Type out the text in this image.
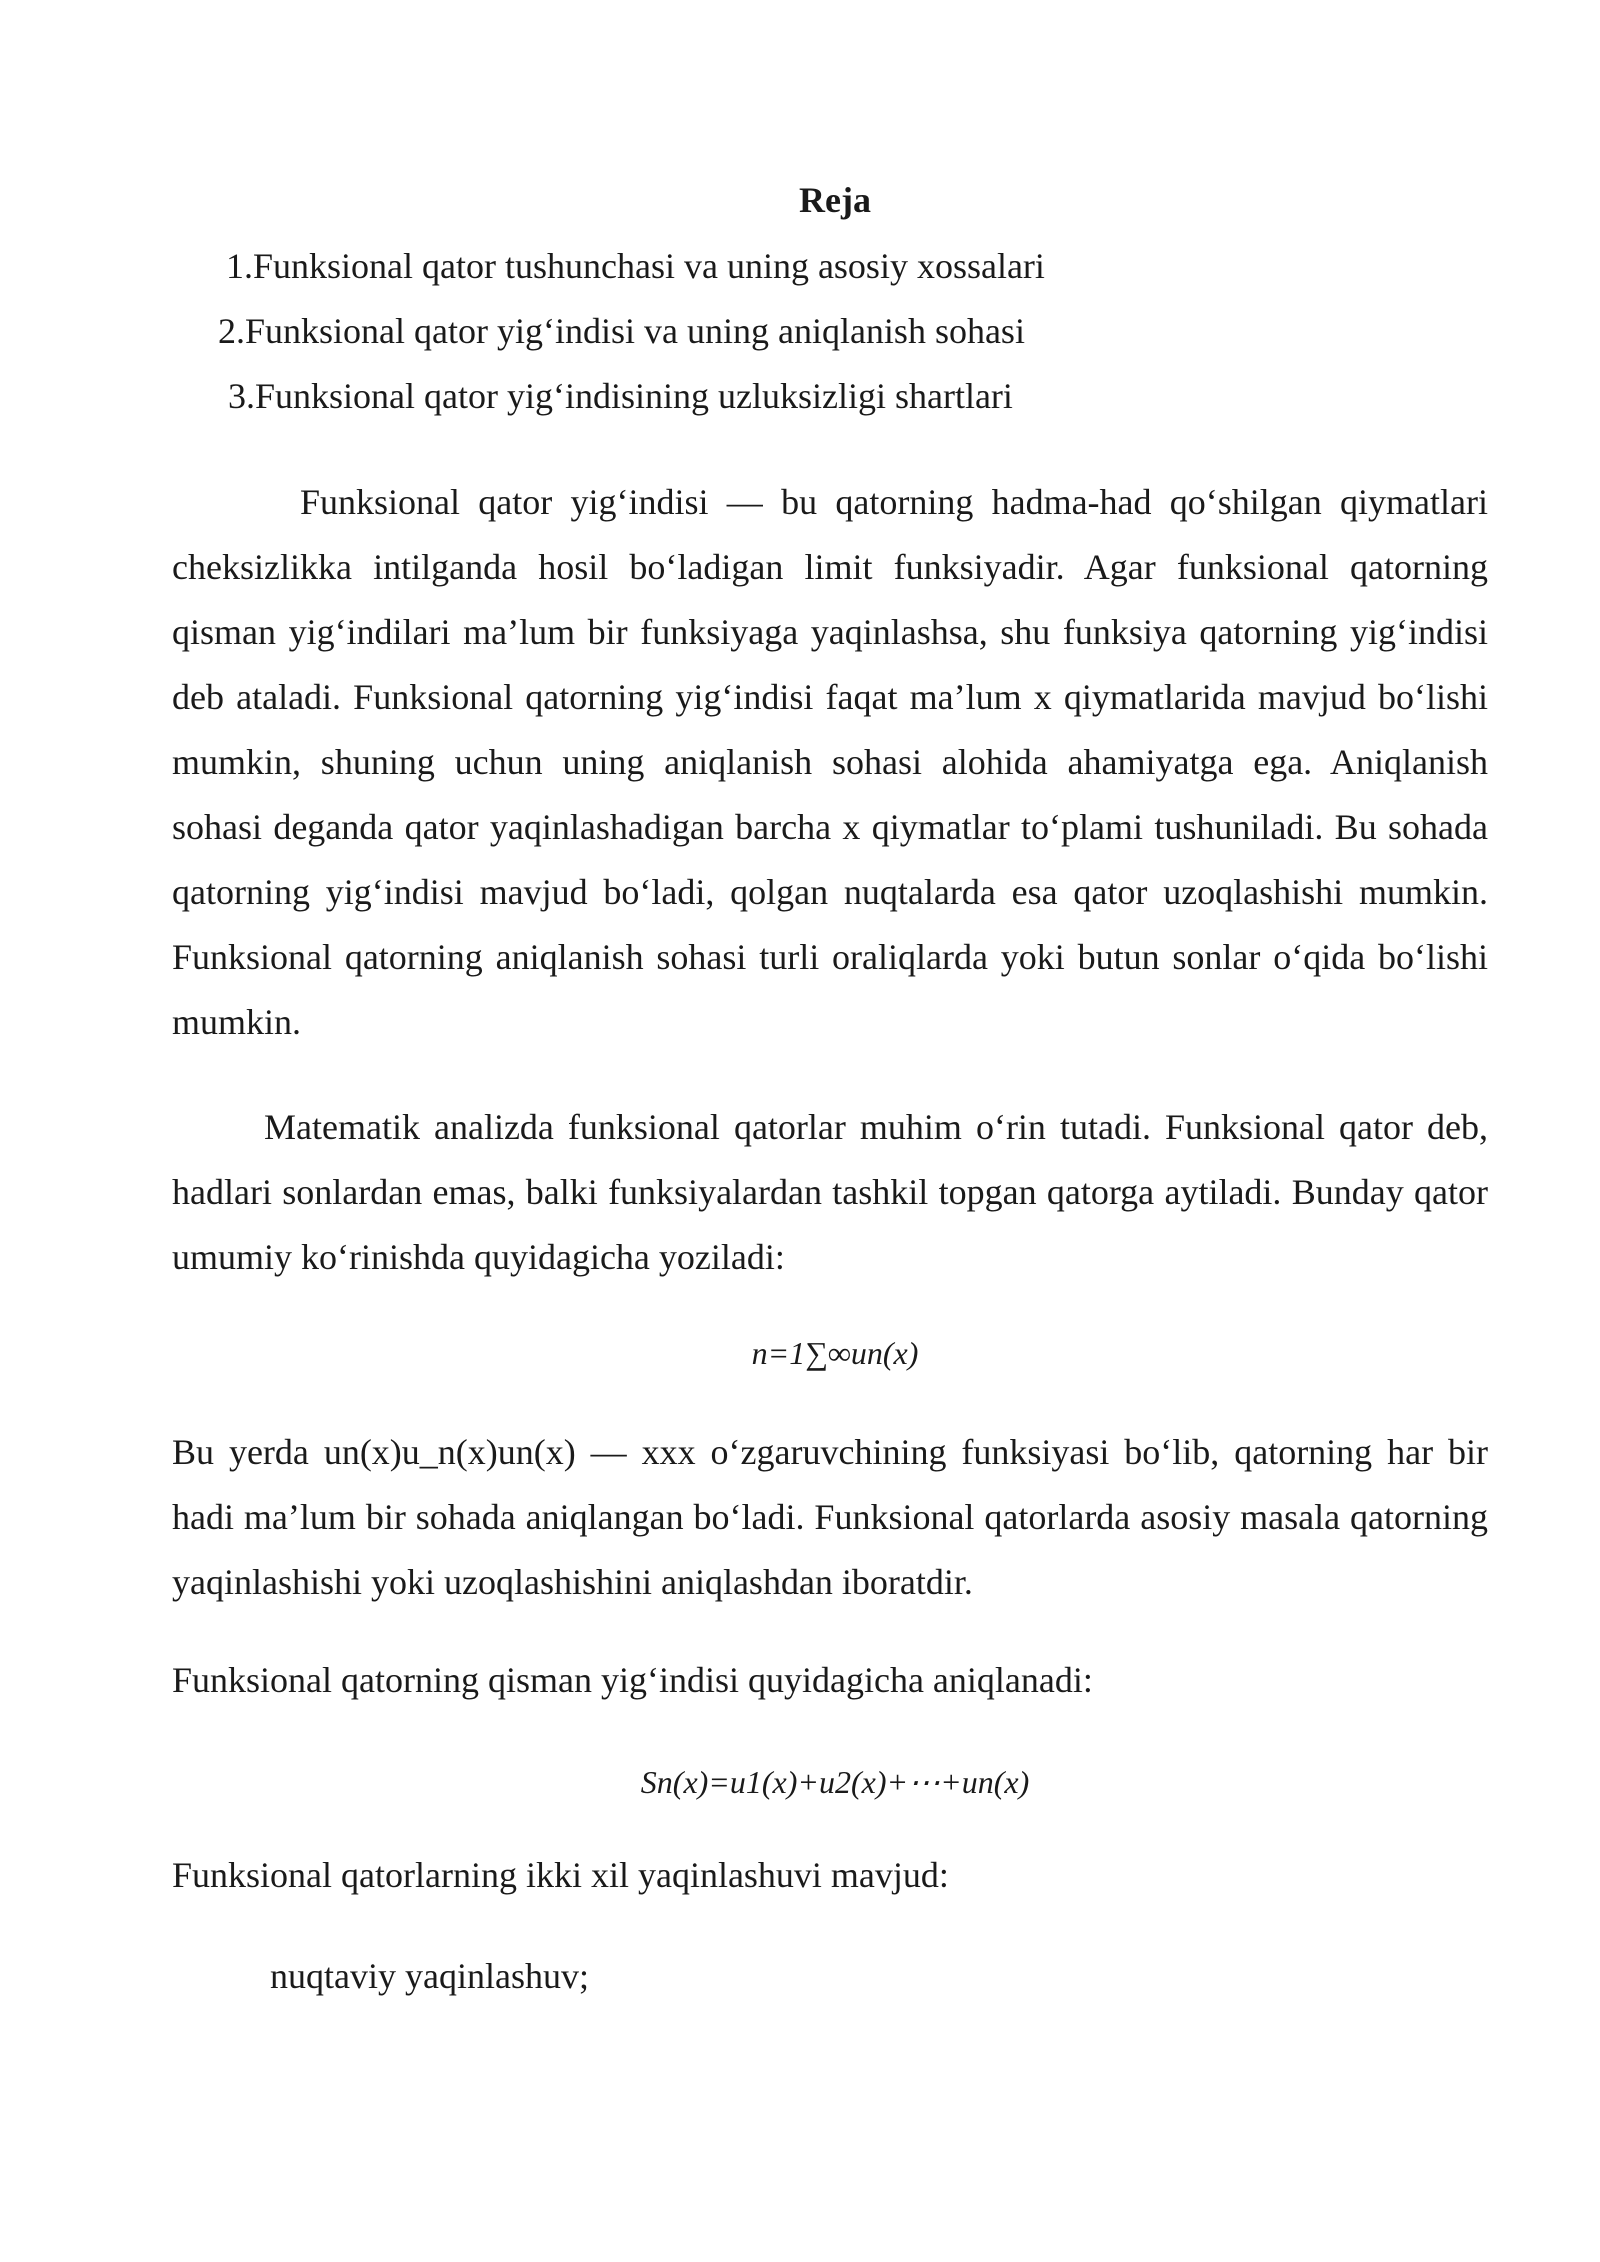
Reja
1.Funksional qator tushunchasi va uning asosiy xossalari
2.Funksional qator yig‘indisi va uning aniqlanish sohasi
3.Funksional qator yig‘indisining uzluksizligi shartlari

Funksional qator yig‘indisi — bu qatorning hadma-had qo‘shilgan qiymatlari cheksizlikka intilganda hosil bo‘ladigan limit funksiyadir. Agar funksional qatorning qisman yig‘indilari ma’lum bir funksiyaga yaqinlashsa, shu funksiya qatorning yig‘indisi deb ataladi. Funksional qatorning yig‘indisi faqat ma’lum x qiymatlarida mavjud bo‘lishi mumkin, shuning uchun uning aniqlanish sohasi alohida ahamiyatga ega. Aniqlanish sohasi deganda qator yaqinlashadigan barcha x qiymatlar to‘plami tushuniladi. Bu sohada qatorning yig‘indisi mavjud bo‘ladi, qolgan nuqtalarda esa qator uzoqlashishi mumkin. Funksional qatorning aniqlanish sohasi turli oraliqlarda yoki butun sonlar o‘qida bo‘lishi mumkin.

Matematik analizda funksional qatorlar muhim o‘rin tutadi. Funksional qator deb, hadlari sonlardan emas, balki funksiyalardan tashkil topgan qatorga aytiladi. Bunday qator umumiy ko‘rinishda quyidagicha yoziladi:

n=1∑∞un(x)

Bu yerda un(x)u_n(x)un(x) — xxx o‘zgaruvchining funksiyasi bo‘lib, qatorning har bir hadi ma’lum bir sohada aniqlangan bo‘ladi. Funksional qatorlarda asosiy masala qatorning yaqinlashishi yoki uzoqlashishini aniqlashdan iboratdir.

Funksional qatorning qisman yig‘indisi quyidagicha aniqlanadi:

Sn(x)=u1(x)+u2(x)+⋯+un(x)

Funksional qatorlarning ikki xil yaqinlashuvi mavjud:

nuqtaviy yaqinlashuv;
